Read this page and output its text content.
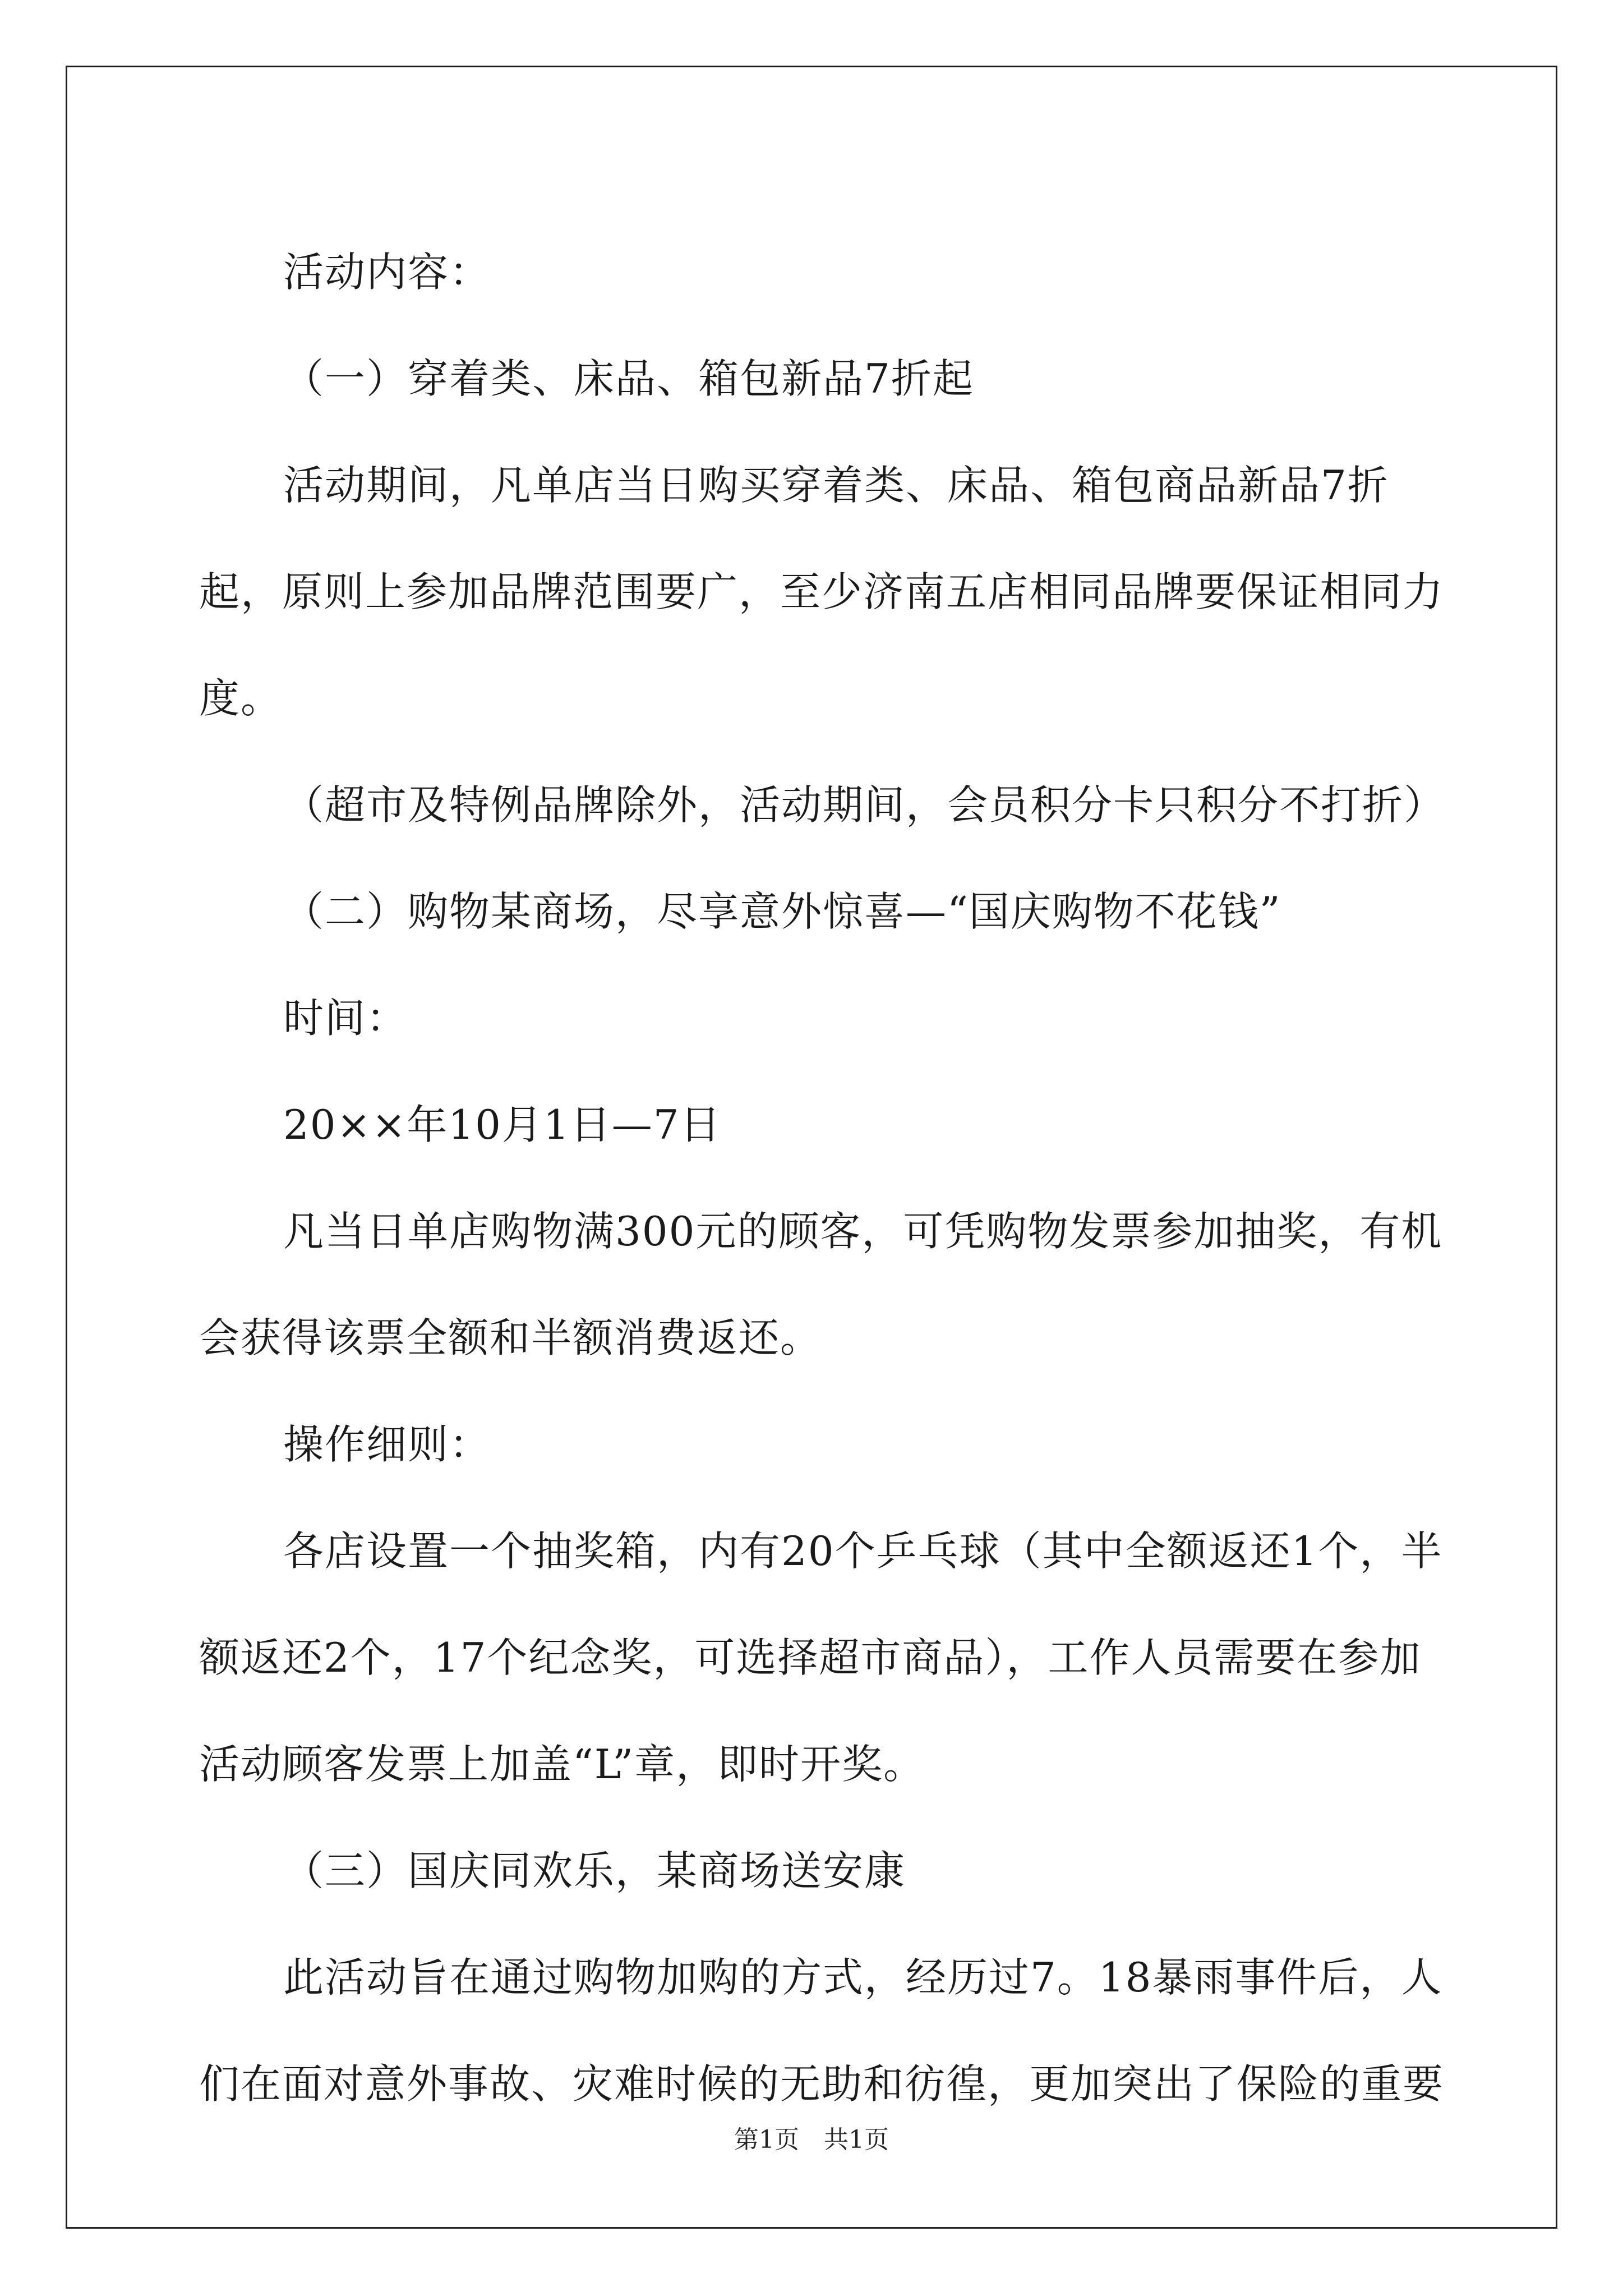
活动内容：

（一）穿着类、床品、箱包新品7折起

活动期间，凡单店当日购买穿着类、床品、箱包商品新品7折起，原则上参加品牌范围要广，至少济南五店相同品牌要保证相同力度。

（超市及特例品牌除外，活动期间，会员积分卡只积分不打折）

（二）购物某商场，尽享意外惊喜—“国庆购物不花钱”

时间：

20××年10月1日—7日

凡当日单店购物满300元的顾客，可凭购物发票参加抽奖，有机会获得该票全额和半额消费返还。

操作细则：

各店设置一个抽奖箱，内有20个乒乓球（其中全额返还1个，半额返还2个，17个纪念奖，可选择超市商品），工作人员需要在参加活动顾客发票上加盖“L”章，即时开奖。

（三）国庆同欢乐，某商场送安康

此活动旨在通过购物加购的方式，经历过7。18暴雨事件后，人们在面对意外事故、灾难时候的无助和彷徨，更加突出了保险的重要

第1页　共1页
